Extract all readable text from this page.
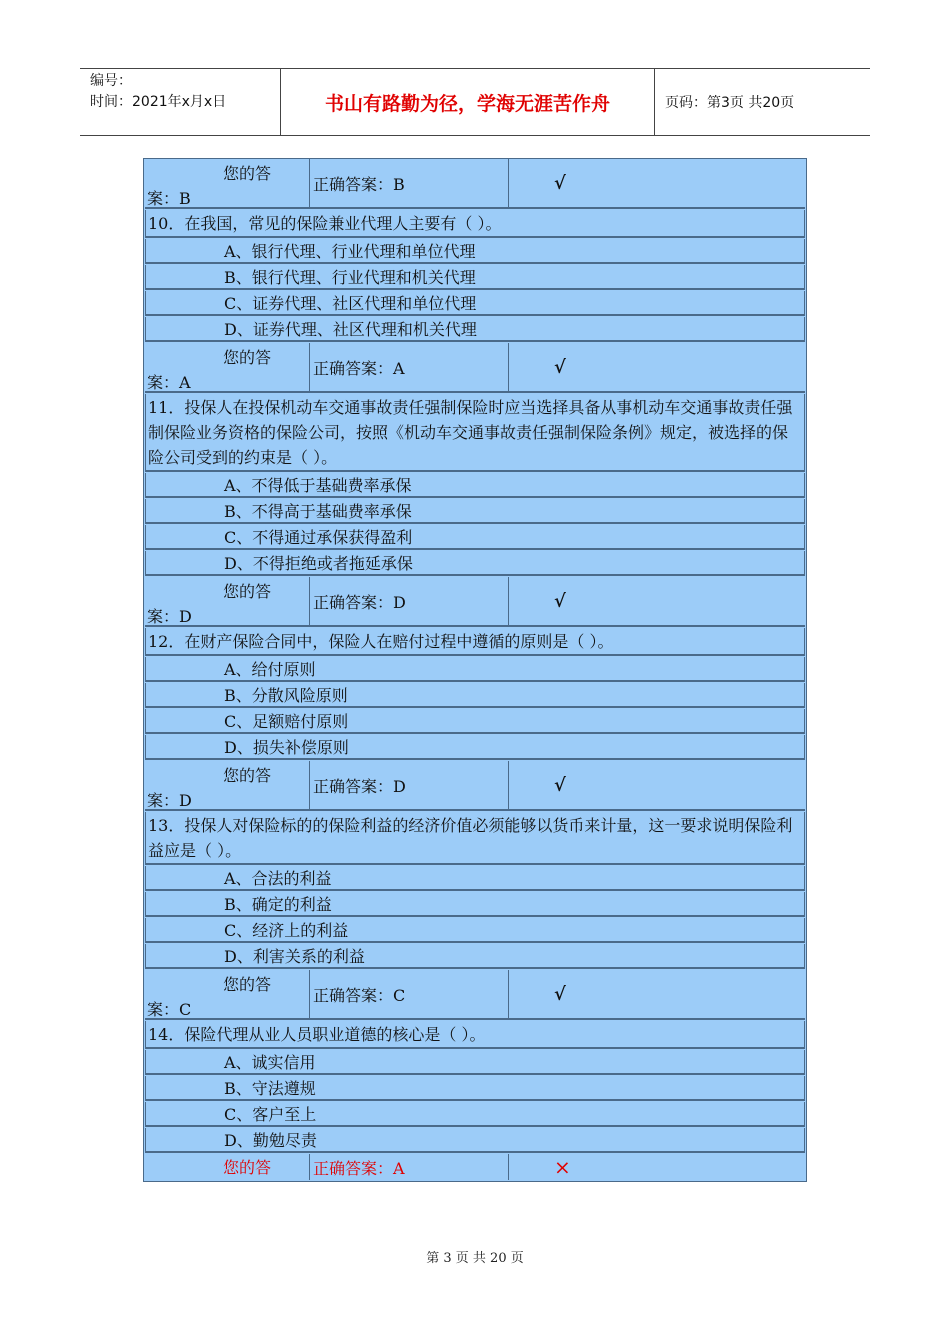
编号：
时间：2021年x月x日	书山有路勤为径，学海无涯苦作舟	页码：第3页 共20页
您的答
案：B
正确答案：B	√
10．在我国，常见的保险兼业代理人主要有（ ）。
A、银行代理、行业代理和单位代理
B、银行代理、行业代理和机关代理
C、证券代理、社区代理和单位代理
D、证券代理、社区代理和机关代理
您的答
案：A
正确答案：A	√
11．投保人在投保机动车交通事故责任强制保险时应当选择具备从事机动车交通事故责任强制保险业务资格的保险公司，按照《机动车交通事故责任强制保险条例》规定，被选择的保险公司受到的约束是（ ）。
A、不得低于基础费率承保
B、不得高于基础费率承保
C、不得通过承保获得盈利
D、不得拒绝或者拖延承保
您的答
案：D
正确答案：D	√
12．在财产保险合同中，保险人在赔付过程中遵循的原则是（ ）。
A、给付原则
B、分散风险原则
C、足额赔付原则
D、损失补偿原则
您的答
案：D
正确答案：D	√
13．投保人对保险标的的保险利益的经济价值必须能够以货币来计量，这一要求说明保险利益应是（ ）。
A、合法的利益
B、确定的利益
C、经济上的利益
D、利害关系的利益
您的答
案：C
正确答案：C	√
14．保险代理从业人员职业道德的核心是（ ）。
A、诚实信用
B、守法遵规
C、客户至上
D、勤勉尽责
您的答	正确答案：A	×
第 3 页 共 20 页
